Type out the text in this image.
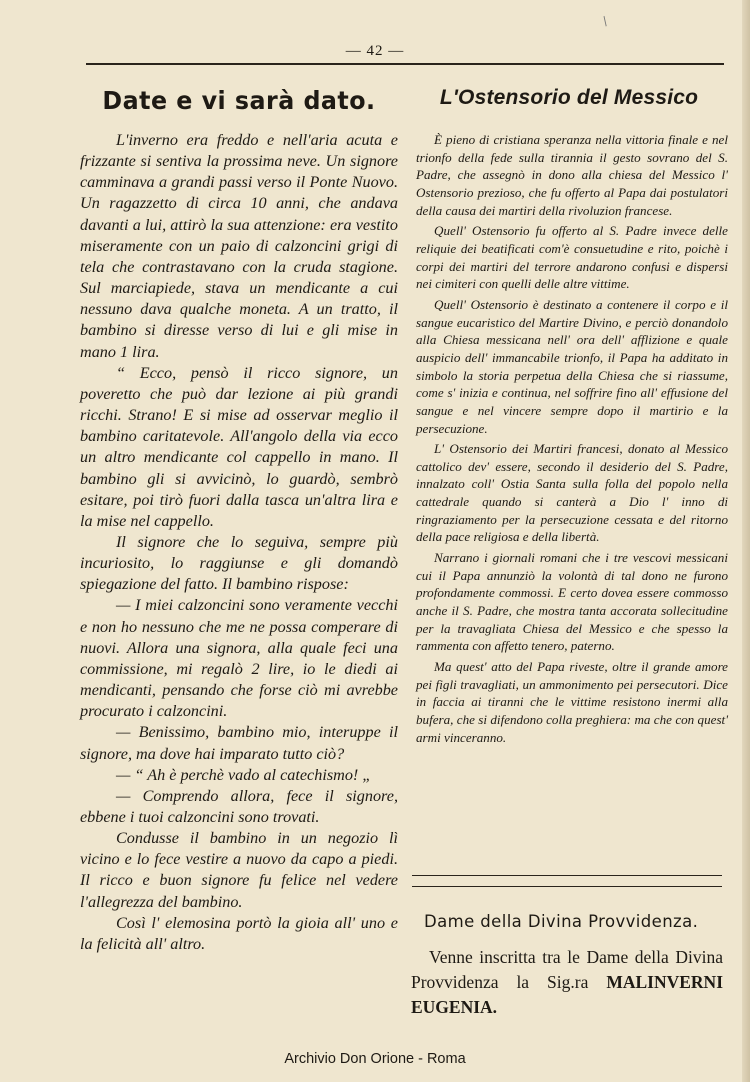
/
— 42 —
Date e vi sarà dato.

L'inverno era freddo e nell'aria acuta e frizzante si sentiva la prossima neve. Un signore camminava a grandi passi verso il Ponte Nuovo. Un ragazzetto di circa 10 anni, che andava davanti a lui, attirò la sua attenzione: era vestito miseramente con un paio di calzoncini grigi di tela che contrastavano con la cruda stagione. Sul marciapiede, stava un mendicante a cui nessuno dava qualche moneta. A un tratto, il bambino si diresse verso di lui e gli mise in mano 1 lira.

“ Ecco, pensò il ricco signore, un poveretto che può dar lezione ai più grandi ricchi. Strano! E si mise ad osservar meglio il bambino caritatevole. All'angolo della via ecco un altro mendicante col cappello in mano. Il bambino gli si avvicinò, lo guardò, sembrò esitare, poi tirò fuori dalla tasca un'altra lira e la mise nel cappello.

Il signore che lo seguiva, sempre più incuriosito, lo raggiunse e gli domandò spiegazione del fatto. Il bambino rispose:

— I miei calzoncini sono veramente vecchi e non ho nessuno che me ne possa comperare di nuovi. Allora una signora, alla quale feci una commissione, mi regalò 2 lire, io le diedi ai mendicanti, pensando che forse ciò mi avrebbe procurato i calzoncini.

— Benissimo, bambino mio, interuppe il signore, ma dove hai imparato tutto ciò?

— “ Ah è perchè vado al catechismo! „

— Comprendo allora, fece il signore, ebbene i tuoi calzoncini sono trovati.

Condusse il bambino in un negozio lì vicino e lo fece vestire a nuovo da capo a piedi. Il ricco e buon signore fu felice nel vedere l'allegrezza del bambino.

Così l' elemosina portò la gioia all' uno e la felicità all' altro.

L'Ostensorio del Messico

È pieno di cristiana speranza nella vittoria finale e nel trionfo della fede sulla tirannia il gesto sovrano del S. Padre, che assegnò in dono alla chiesa del Messico l' Ostensorio prezioso, che fu offerto al Papa dai postulatori della causa dei martiri della rivoluzion francese.

Quell' Ostensorio fu offerto al S. Padre invece delle reliquie dei beatificati com'è consuetudine e rito, poichè i corpi dei martiri del terrore andarono confusi e dispersi nei cimiteri con quelli delle altre vittime.

Quell' Ostensorio è destinato a contenere il corpo e il sangue eucaristico del Martire Divino, e perciò donandolo alla Chiesa messicana nell' ora dell' afflizione e quale auspicio dell' immancabile trionfo, il Papa ha additato in simbolo la storia perpetua della Chiesa che si riassume, come s' inizia e continua, nel soffrire fino all' effusione del sangue e nel vincere sempre dopo il martirio e la persecuzione.

L' Ostensorio dei Martiri francesi, donato al Messico cattolico dev' essere, secondo il desiderio del S. Padre, innalzato coll' Ostia Santa sulla folla del popolo nella cattedrale quando si canterà a Dio l' inno di ringraziamento per la persecuzione cessata e del ritorno della pace religiosa e della libertà.

Narrano i giornali romani che i tre vescovi messicani cui il Papa annunziò la volontà di tal dono ne furono profondamente commossi. E certo dovea essere commosso anche il S. Padre, che mostra tanta accorata sollecitudine per la travagliata Chiesa del Messico e che spesso la rammenta con affetto tenero, paterno.

Ma quest' atto del Papa riveste, oltre il grande amore pei figli travagliati, un ammonimento pei persecutori. Dice in faccia ai tiranni che le vittime resistono inermi alla bufera, che si difendono colla preghiera: ma che con quest' armi vinceranno.

Dame della Divina Provvidenza.

Venne inscritta tra le Dame della Divina Provvidenza la Sig.ra MALINVERNI EUGENIA.

Archivio Don Orione - Roma
